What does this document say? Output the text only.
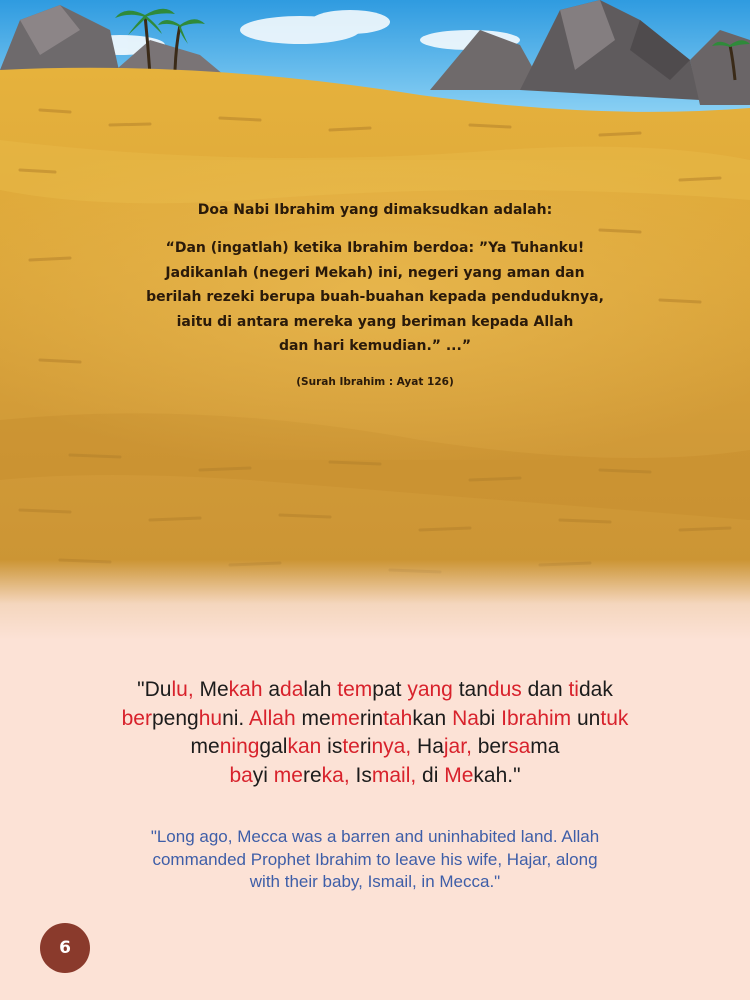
Doa Nabi Ibrahim yang dimaksudkan adalah:

“Dan (ingatlah) ketika Ibrahim berdoa: ”Ya Tuhanku!
Jadikanlah (negeri Mekah) ini, negeri yang aman dan
berilah rezeki berupa buah-buahan kepada penduduknya,
iaitu di antara mereka yang beriman kepada Allah
dan hari kemudian.” ...”
(Surah Ibrahim : Ayat 126)
"Dulu, Mekah adalah tempat yang tandus dan tidak
berpenghuni. Allah memerintahkan Nabi Ibrahim untuk
meninggalkan isterinya, Hajar, bersama
bayi mereka, Ismail, di Mekah."
"Long ago, Mecca was a barren and uninhabited land. Allah
commanded Prophet Ibrahim to leave his wife, Hajar, along
with their baby, Ismail, in Mecca."
6
